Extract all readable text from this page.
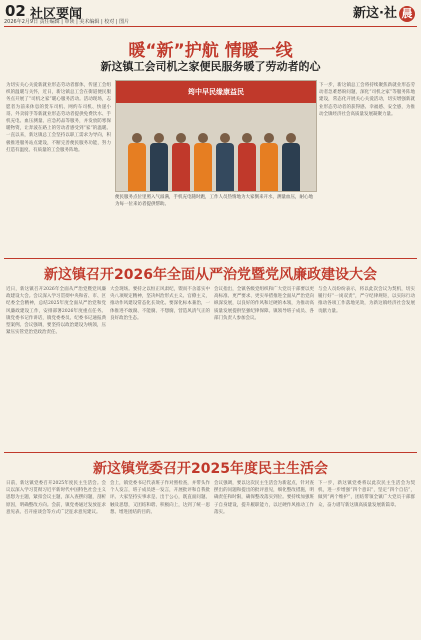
02 社区要闻
2026年2月9日 责任编辑 | 审读 | 美术编辑 | 校对 | 图片
新这·社 晨
暖“新”护航 情暖一线
新这镇工会司机之家便民服务暖了劳动者的心
为切实关心关爱新就业形态劳动者群体，传递工会组织的温暖与关怀，近日，新这镇总工会在街道便民服务点开展了“司机之家”暖心服务活动。活动现场，志愿者为前来休息的货车司机、网约车司机、快递小哥、外卖骑手等新就业形态劳动者提供免费饮水、手机充电、血压测量、应急药品等服务，并发放防寒保暖物资，让奔波在路上的劳动者感受到“家”的温暖。一直以来，新这镇总工会坚持以职工需求为导向，积极推进服务站点建设，不断完善便民服务功能，努力打造有温度、有质量的工会服务阵地。
下一步，新这镇总工会将持续聚焦新就业形态劳动者急难愁盼问题，深化“司机之家”等服务阵地建设，常态化开展关心关爱活动，切实增强新就业形态劳动者的获得感、幸福感、安全感，为推动全镇经济社会高质量发展凝聚力量。
筠中早民缘康益民
便民服务点位里照入气溢满，手机充电随时跑，工作人员热情地为大家倒来开水，测量血压，耐心地为每一位来访者提供帮助。
新这镇召开2026年全面从严治党暨党风廉政建设大会
近日，新这镇召开2026年全面从严治党暨党风廉政建设大会。会议深入学习贯彻中央和省、市、区纪委全会精神，总结2025年度全面从严治党和党风廉政建设工作，安排部署2026年度重点任务。镇党委书记作讲话，镇党委委员、纪委书记通报典型案例。会议强调，要坚持以政治建设为统领，压紧压实管党治党政治责任。
大会现场。要持之以恒正风肃纪，锲而不舍落实中央八项规定精神，坚决纠治形式主义、官僚主义，推动作风建设常态化长效化。要深化标本兼治，一体推进不敢腐、不能腐、不想腐，营造风清气正的良好政治生态。
会议指出，全镇各级党组织和广大党员干部要以更高标准、更严要求、更实举措推进全面从严治党向纵深发展，以良好的作风和过硬的本领，为推动高质量发展提供坚强纪律保障。镇领导班子成员、各部门负责人参加会议。
与会人员纷纷表示，将以此次会议为契机，切实履行好“一岗双责”，严守纪律规矩，以实际行动推动各项工作落地见效，为新这镇经济社会发展贡献力量。
新这镇党委召开2025年度民主生活会
日前，新这镇党委召开2025年度民主生活会。会议以深入学习贯彻习近平新时代中国特色社会主义思想为主题，紧扣会议主题，深入查摆问题，剖析原因，明确整改方向。会前，镇党委通过发放征求意见表、召开座谈会等方式广泛征求意见建议。
会上，镇党委书记代表班子作对照检查，并带头作个人发言，班子成员逐一发言，开展批评和自我批评。大家坚持实事求是、出于公心，既直面问题、触及思想，又团结和谐、积极向上，达到了统一思想、增进团结的目的。
会议强调，要以这次民主生活会为新起点，针对查摆出的问题和提出的批评意见，细化整改措施，明确责任和时限，确保整改落实到位。要持续加强班子自身建设，提升履职能力，以过硬作风推动工作落实。
下一步，新这镇党委将以此次民主生活会为契机，进一步增强“四个意识”，坚定“四个自信”，做到“两个维护”，团结带领全镇广大党员干部群众，奋力谱写新这镇高质量发展新篇章。
